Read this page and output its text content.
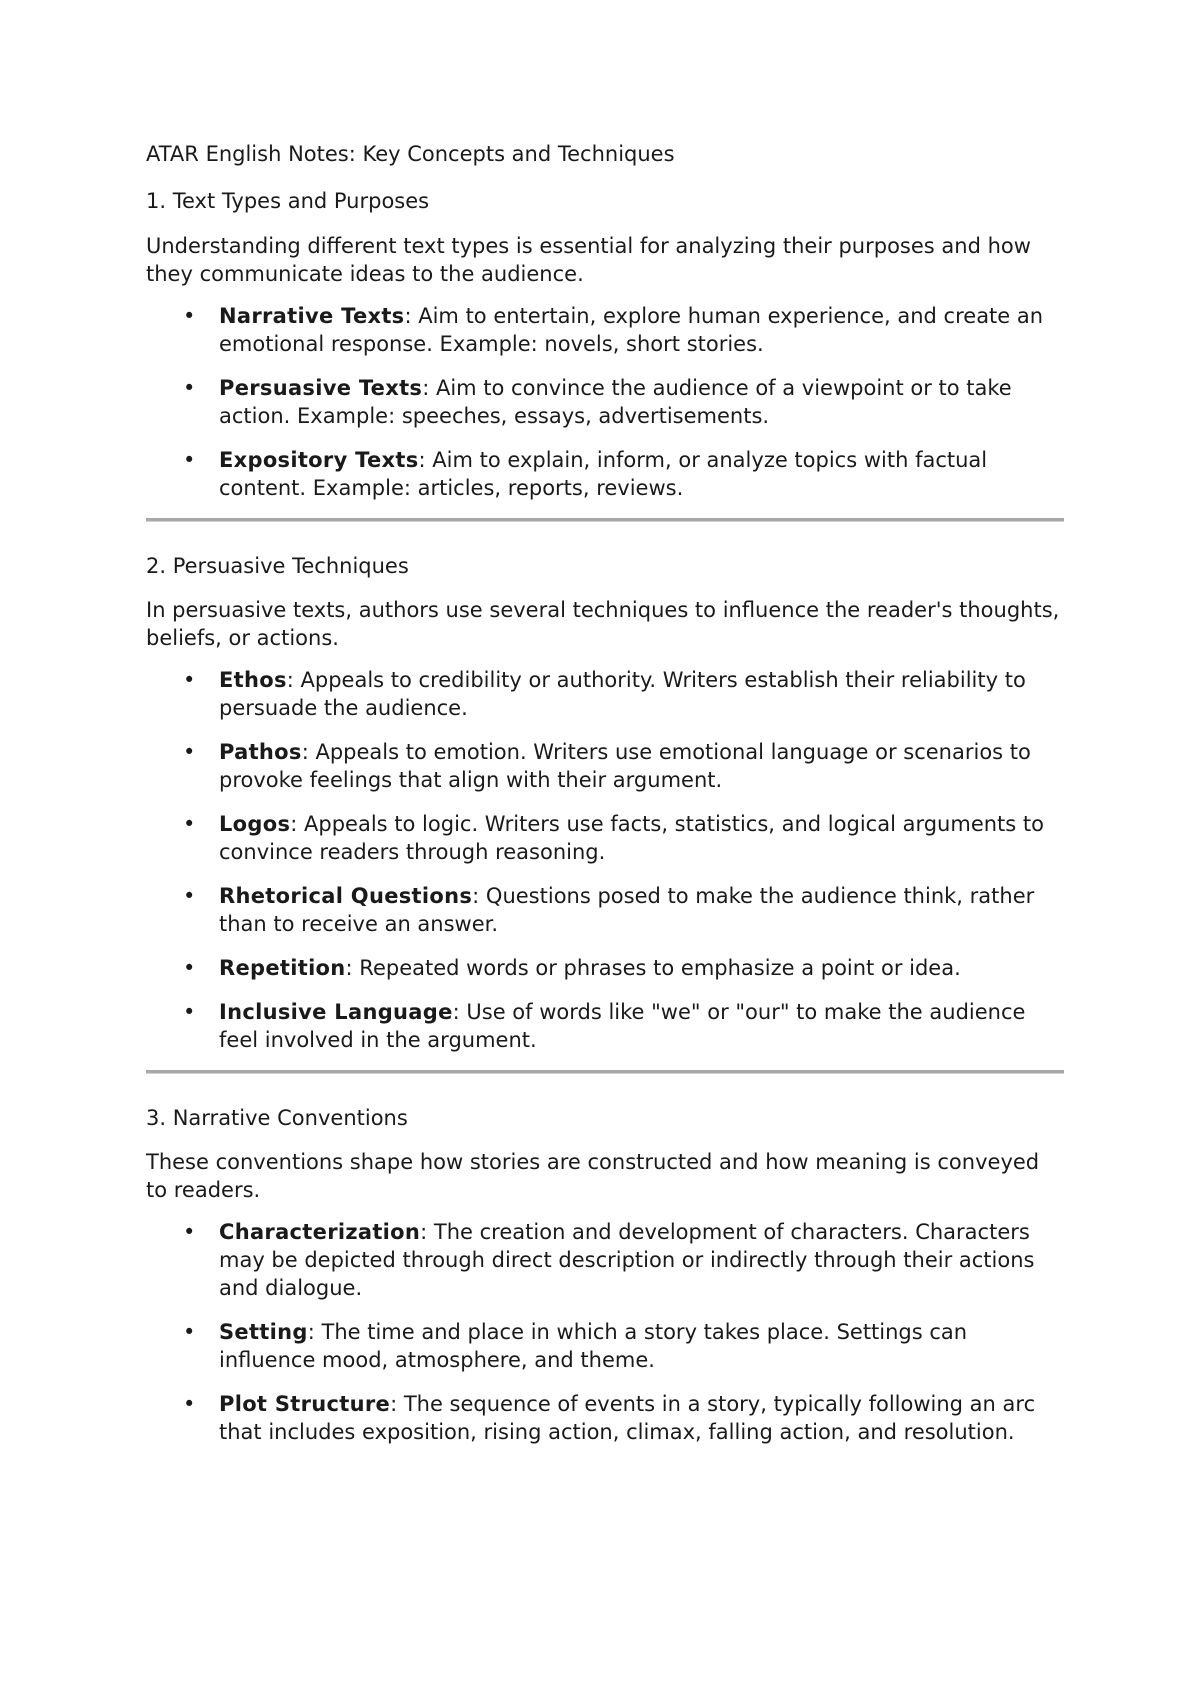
ATAR English Notes: Key Concepts and Techniques
1. Text Types and Purposes

Understanding different text types is essential for analyzing their purposes and how they communicate ideas to the audience.

• Narrative Texts: Aim to entertain, explore human experience, and create an emotional response. Example: novels, short stories.
• Persuasive Texts: Aim to convince the audience of a viewpoint or to take action. Example: speeches, essays, advertisements.
• Expository Texts: Aim to explain, inform, or analyze topics with factual content. Example: articles, reports, reviews.
2. Persuasive Techniques

In persuasive texts, authors use several techniques to influence the reader's thoughts, beliefs, or actions.

• Ethos: Appeals to credibility or authority. Writers establish their reliability to persuade the audience.
• Pathos: Appeals to emotion. Writers use emotional language or scenarios to provoke feelings that align with their argument.
• Logos: Appeals to logic. Writers use facts, statistics, and logical arguments to convince readers through reasoning.
• Rhetorical Questions: Questions posed to make the audience think, rather than to receive an answer.
• Repetition: Repeated words or phrases to emphasize a point or idea.
• Inclusive Language: Use of words like "we" or "our" to make the audience feel involved in the argument.
3. Narrative Conventions

These conventions shape how stories are constructed and how meaning is conveyed to readers.

• Characterization: The creation and development of characters. Characters may be depicted through direct description or indirectly through their actions and dialogue.
• Setting: The time and place in which a story takes place. Settings can influence mood, atmosphere, and theme.
• Plot Structure: The sequence of events in a story, typically following an arc that includes exposition, rising action, climax, falling action, and resolution.
